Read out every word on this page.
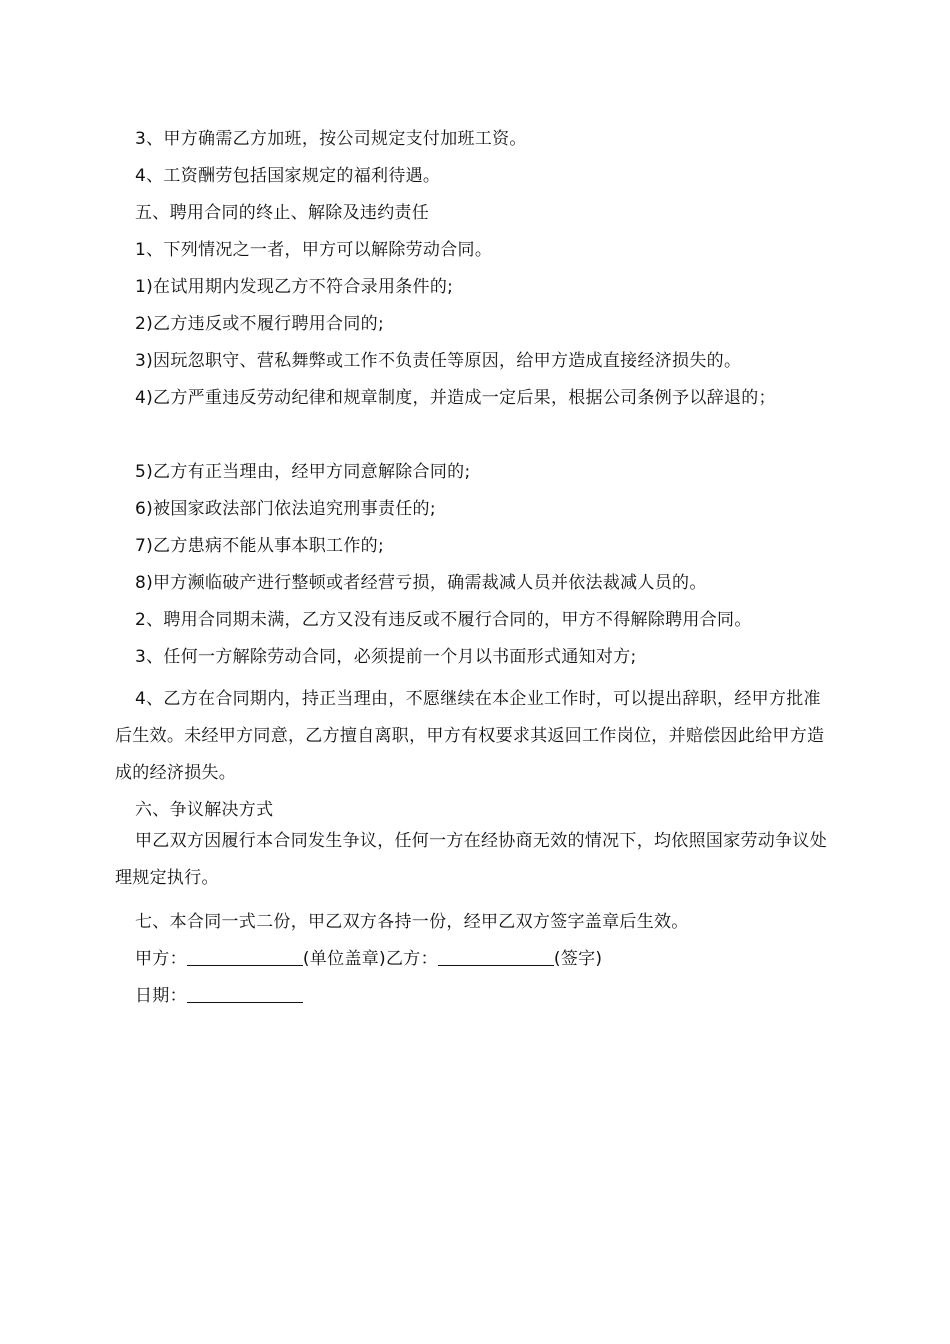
3、甲方确需乙方加班，按公司规定支付加班工资。
4、工资酬劳包括国家规定的福利待遇。
五、聘用合同的终止、解除及违约责任
1、下列情况之一者，甲方可以解除劳动合同。
1)在试用期内发现乙方不符合录用条件的;
2)乙方违反或不履行聘用合同的;
3)因玩忽职守、营私舞弊或工作不负责任等原因，给甲方造成直接经济损失的。
4)乙方严重违反劳动纪律和规章制度，并造成一定后果，根据公司条例予以辞退的；
5)乙方有正当理由，经甲方同意解除合同的;
6)被国家政法部门依法追究刑事责任的;
7)乙方患病不能从事本职工作的;
8)甲方濒临破产进行整顿或者经营亏损，确需裁减人员并依法裁减人员的。
2、聘用合同期未满，乙方又没有违反或不履行合同的，甲方不得解除聘用合同。
3、任何一方解除劳动合同，必须提前一个月以书面形式通知对方;
4、乙方在合同期内，持正当理由，不愿继续在本企业工作时，可以提出辞职，经甲方批准后生效。未经甲方同意，乙方擅自离职，甲方有权要求其返回工作岗位，并赔偿因此给甲方造成的经济损失。
六、争议解决方式
甲乙双方因履行本合同发生争议，任何一方在经协商无效的情况下，均依照国家劳动争议处理规定执行。
七、本合同一式二份，甲乙双方各持一份，经甲乙双方签字盖章后生效。
甲方：	(单位盖章)乙方：	(签字)
日期：
